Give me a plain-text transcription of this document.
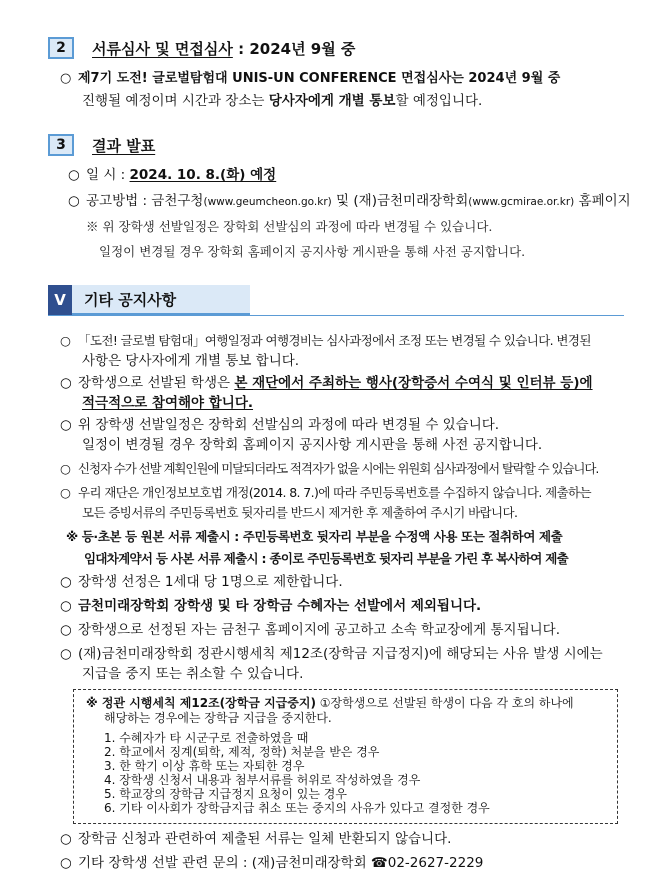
2	서류심사 및 면접심사 : 2024년 9월 중
○ 제7기 도전! 글로벌탐험대 UNIS-UN CONFERENCE 면접심사는 2024년 9월 중
진행될 예정이며 시간과 장소는 당사자에게 개별 통보할 예정입니다.
3	결과 발표
○ 일 시 : 2024. 10. 8.(화) 예정
○ 공고방법 : 금천구청(www.geumcheon.go.kr) 및 (재)금천미래장학회(www.gcmirae.or.kr) 홈페이지
※ 위 장학생 선발일정은 장학회 선발심의 과정에 따라 변경될 수 있습니다.
일정이 변경될 경우 장학회 홈페이지 공지사항 게시판을 통해 사전 공지합니다.
V	기타 공지사항
○ 「도전! 글로벌 탐험대」여행일정과 여행경비는 심사과정에서 조정 또는 변경될 수 있습니다. 변경된
사항은 당사자에게 개별 통보 합니다.
○ 장학생으로 선발된 학생은 본 재단에서 주최하는 행사(장학증서 수여식 및 인터뷰 등)에
적극적으로 참여해야 합니다.
○ 위 장학생 선발일정은 장학회 선발심의 과정에 따라 변경될 수 있습니다.
일정이 변경될 경우 장학회 홈페이지 공지사항 게시판을 통해 사전 공지합니다.
○ 신청자 수가 선발 계획인원에 미달되더라도 적격자가 없을 시에는 위원회 심사과정에서 탈락할 수 있습니다.
○ 우리 재단은 개인정보보호법 개정(2014. 8. 7.)에 따라 주민등록번호를 수집하지 않습니다. 제출하는
모든 증빙서류의 주민등록번호 뒷자리를 반드시 제거한 후 제출하여 주시기 바랍니다.
※ 등·초본 등 원본 서류 제출시 : 주민등록번호 뒷자리 부분을 수정액 사용 또는 절취하여 제출
임대차계약서 등 사본 서류 제출시 : 종이로 주민등록번호 뒷자리 부분을 가린 후 복사하여 제출
○ 장학생 선정은 1세대 당 1명으로 제한합니다.
○ 금천미래장학회 장학생 및 타 장학금 수혜자는 선발에서 제외됩니다.
○ 장학생으로 선정된 자는 금천구 홈페이지에 공고하고 소속 학교장에게 통지됩니다.
○ (재)금천미래장학회 정관시행세칙 제12조(장학금 지급정지)에 해당되는 사유 발생 시에는
지급을 중지 또는 취소할 수 있습니다.
※ 정관 시행세칙 제12조(장학금 지급중지) ①장학생으로 선발된 학생이 다음 각 호의 하나에
해당하는 경우에는 장학금 지급을 중지한다.
1. 수혜자가 타 시군구로 전출하였을 때
2. 학교에서 징계(퇴학, 제적, 정학) 처분을 받은 경우
3. 한 학기 이상 휴학 또는 자퇴한 경우
4. 장학생 신청서 내용과 첨부서류를 허위로 작성하였을 경우
5. 학교장의 장학금 지급정지 요청이 있는 경우
6. 기타 이사회가 장학금지급 취소 또는 중지의 사유가 있다고 결정한 경우
○ 장학금 신청과 관련하여 제출된 서류는 일체 반환되지 않습니다.
○ 기타 장학생 선발 관련 문의 : (재)금천미래장학회 ☎02-2627-2229
